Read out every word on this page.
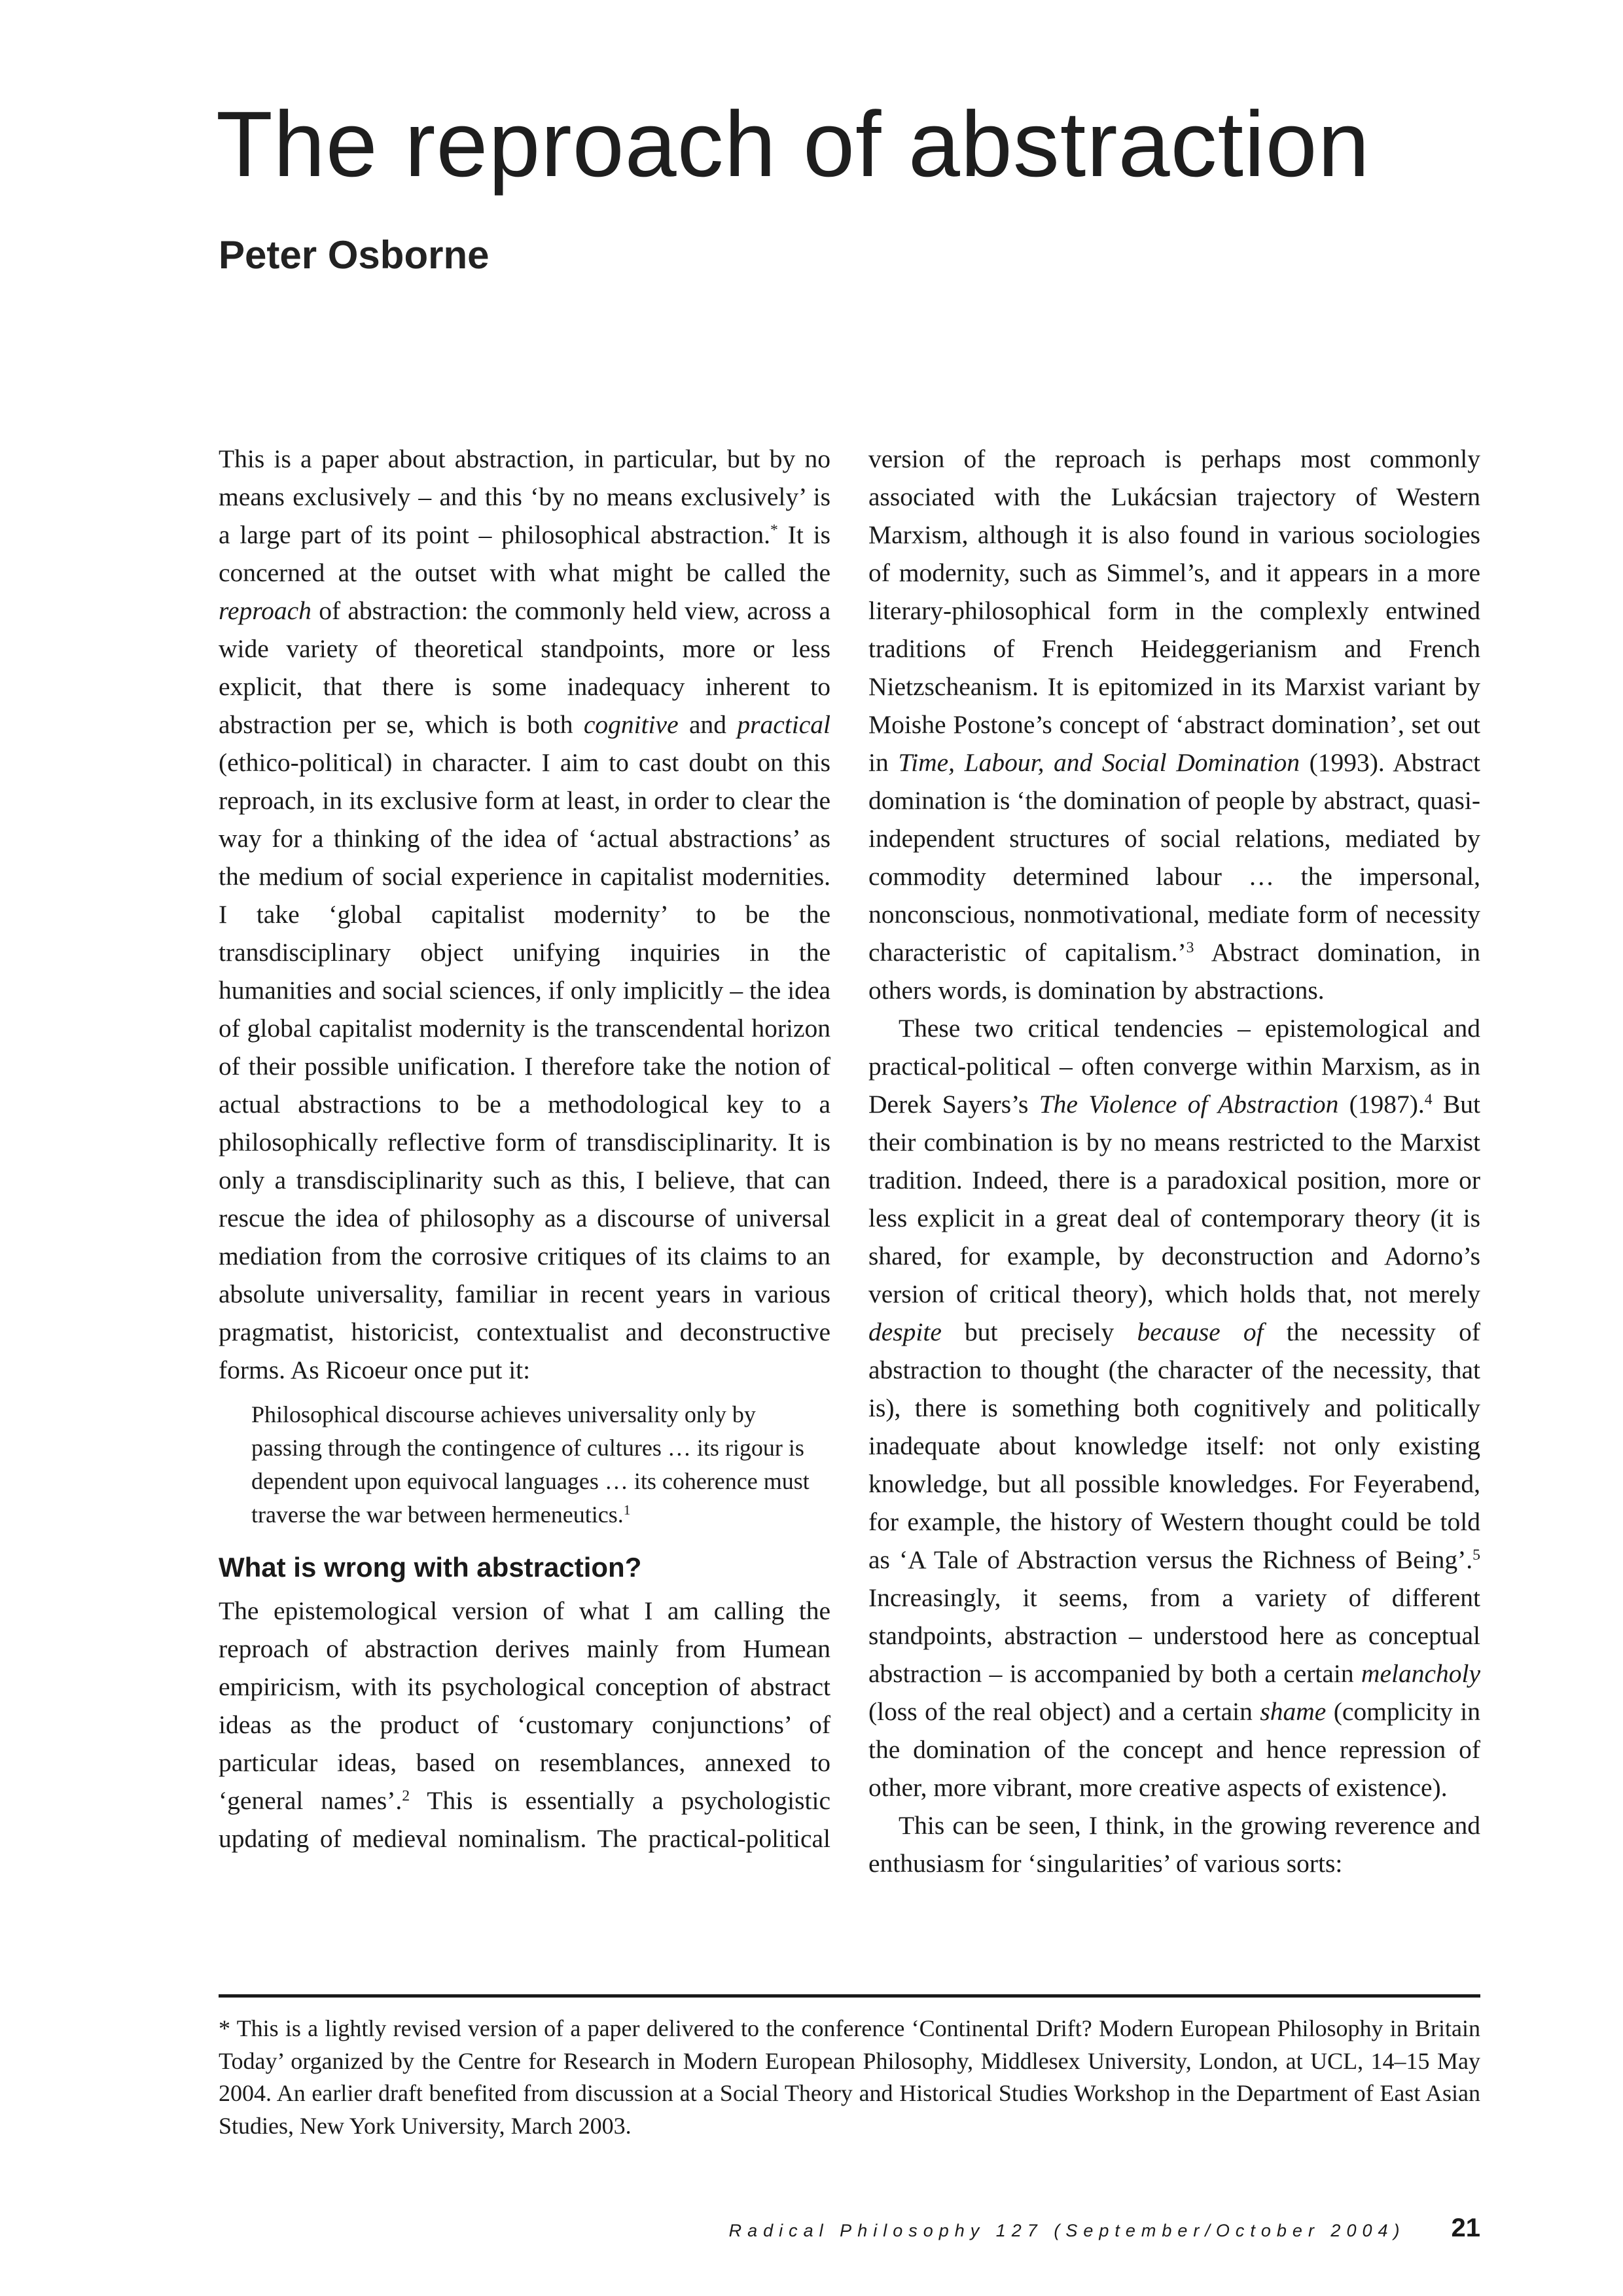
The reproach of abstraction
Peter Osborne

This is a paper about abstraction, in particular, but by no means exclusively – and this ‘by no means exclusively’ is a large part of its point – philosophical abstraction.* It is concerned at the outset with what might be called the reproach of abstraction: the commonly held view, across a wide variety of theoretical standpoints, more or less explicit, that there is some inadequacy inherent to abstraction per se, which is both cognitive and practical (ethico-political) in character. I aim to cast doubt on this reproach, in its exclusive form at least, in order to clear the way for a thinking of the idea of ‘actual abstractions’ as the medium of social experience in capitalist modernities. I take ‘global capitalist modernity’ to be the transdisciplinary object unifying inquiries in the humanities and social sciences, if only implicitly – the idea of global capitalist modernity is the transcendental horizon of their possible unification. I therefore take the notion of actual abstractions to be a methodological key to a philosophically reflective form of transdisciplinarity. It is only a transdisciplinarity such as this, I believe, that can rescue the idea of philosophy as a discourse of universal mediation from the corrosive critiques of its claims to an absolute universality, familiar in recent years in various pragmatist, historicist, contextualist and deconstructive forms. As Ricoeur once put it:

Philosophical discourse achieves universality only by passing through the contingence of cultures … its rigour is dependent upon equivocal languages … its coherence must traverse the war between hermeneutics.$^1$

What is wrong with abstraction?

The epistemological version of what I am calling the reproach of abstraction derives mainly from Humean empiricism, with its psychological conception of abstract ideas as the product of ‘customary conjunctions’ of particular ideas, based on resemblances, annexed to ‘general names’.$^2$ This is essentially a psychologistic updating of medieval nominalism. The practical-political version of the reproach is perhaps most commonly associated with the Lukácsian trajectory of Western Marxism, although it is also found in various sociologies of modernity, such as Simmel’s, and it appears in a more literary-philosophical form in the complexly entwined traditions of French Heideggerianism and French Nietzscheanism. It is epitomized in its Marxist variant by Moishe Postone’s concept of ‘abstract domination’, set out in Time, Labour, and Social Domination (1993). Abstract domination is ‘the domination of people by abstract, quasi-independent structures of social relations, mediated by commodity determined labour … the impersonal, nonconscious, nonmotivational, mediate form of necessity characteristic of capitalism.’$^3$ Abstract domination, in others words, is domination by abstractions.

These two critical tendencies – epistemological and practical-political – often converge within Marxism, as in Derek Sayers’s The Violence of Abstraction (1987).$^4$ But their combination is by no means restricted to the Marxist tradition. Indeed, there is a paradoxical position, more or less explicit in a great deal of contemporary theory (it is shared, for example, by deconstruction and Adorno’s version of critical theory), which holds that, not merely despite but precisely because of the necessity of abstraction to thought (the character of the necessity, that is), there is something both cognitively and politically inadequate about knowledge itself: not only existing knowledge, but all possible knowledges. For Feyerabend, for example, the history of Western thought could be told as ‘A Tale of Abstraction versus the Richness of Being’.$^5$ Increasingly, it seems, from a variety of different standpoints, abstraction – understood here as conceptual abstraction – is accompanied by both a certain melancholy (loss of the real object) and a certain shame (complicity in the domination of the concept and hence repression of other, more vibrant, more creative aspects of existence).

This can be seen, I think, in the growing reverence and enthusiasm for ‘singularities’ of various sorts:

* This is a lightly revised version of a paper delivered to the conference ‘Continental Drift? Modern European Philosophy in Britain Today’ organized by the Centre for Research in Modern European Philosophy, Middlesex University, London, at UCL, 14–15 May 2004. An earlier draft benefited from discussion at a Social Theory and Historical Studies Workshop in the Department of East Asian Studies, New York University, March 2003.

Radical Philosophy 127 (September/October 2004) 21
